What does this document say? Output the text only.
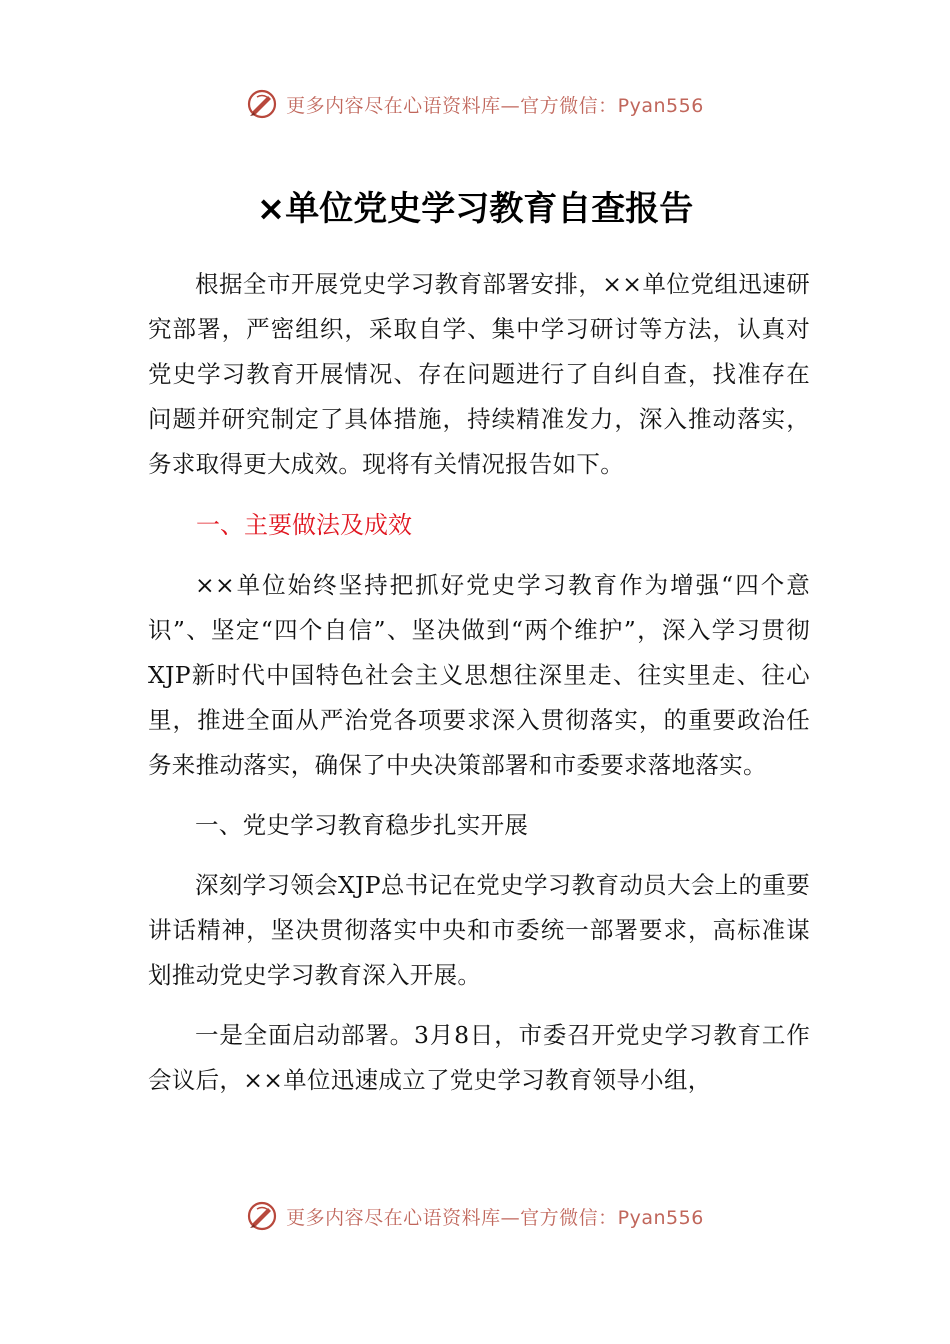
更多内容尽在心语资料库—官方微信：Pyan556
×单位党史学习教育自查报告

根据全市开展党史学习教育部署安排，××单位党组迅速研究部署，严密组织，采取自学、集中学习研讨等方法，认真对党史学习教育开展情况、存在问题进行了自纠自查，找准存在问题并研究制定了具体措施，持续精准发力，深入推动落实，务求取得更大成效。现将有关情况报告如下。

一、主要做法及成效

××单位始终坚持把抓好党史学习教育作为增强“四个意识”、坚定“四个自信”、坚决做到“两个维护”，深入学习贯彻XJP新时代中国特色社会主义思想往深里走、往实里走、往心里，推进全面从严治党各项要求深入贯彻落实，的重要政治任务来推动落实，确保了中央决策部署和市委要求落地落实。

一、党史学习教育稳步扎实开展

深刻学习领会XJP总书记在党史学习教育动员大会上的重要讲话精神，坚决贯彻落实中央和市委统一部署要求，高标准谋划推动党史学习教育深入开展。

一是全面启动部署。3月8日，市委召开党史学习教育工作会议后，××单位迅速成立了党史学习教育领导小组，

更多内容尽在心语资料库—官方微信：Pyan556
